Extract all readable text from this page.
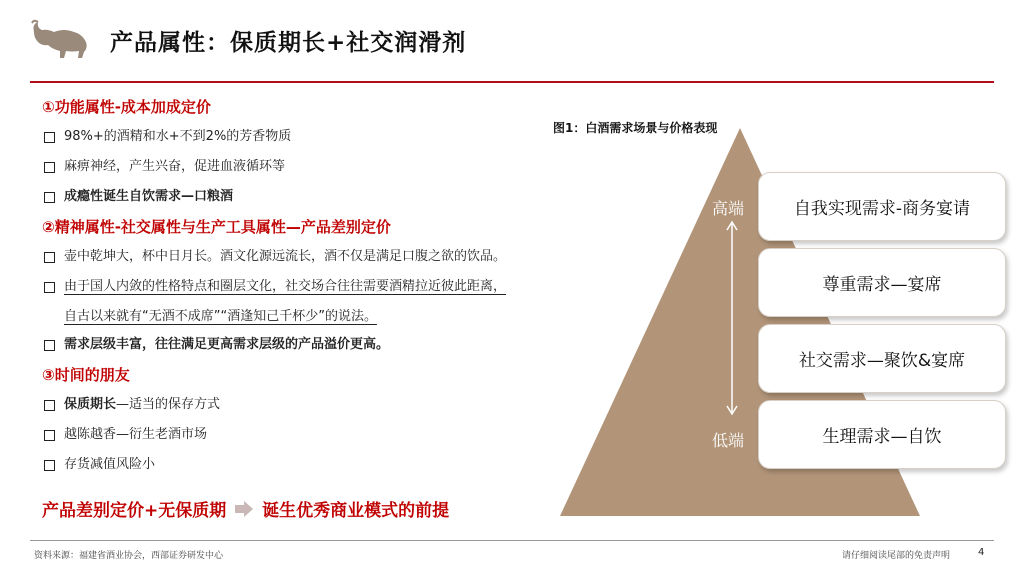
产品属性：保质期长+社交润滑剂
①功能属性-成本加成定价
98%+的酒精和水+不到2%的芳香物质
麻痹神经，产生兴奋，促进血液循环等
成瘾性诞生自饮需求—口粮酒
②精神属性-社交属性与生产工具属性—产品差别定价
壶中乾坤大，杯中日月长。酒文化源远流长，酒不仅是满足口腹之欲的饮品。
由于国人内敛的性格特点和圈层文化，社交场合往往需要酒精拉近彼此距离，
自古以来就有“无酒不成席”“酒逢知己千杯少”的说法。
需求层级丰富，往往满足更高需求层级的产品溢价更高。
③时间的朋友
保质期长—适当的保存方式
越陈越香—衍生老酒市场
存货减值风险小
产品差别定价+无保质期 诞生优秀商业模式的前提
图1：白酒需求场景与价格表现
高端
低端
自我实现需求-商务宴请
尊重需求—宴席
社交需求—聚饮&宴席
生理需求—自饮
资料来源：福建省酒业协会，西部证券研发中心	请仔细阅读尾部的免责声明	4
